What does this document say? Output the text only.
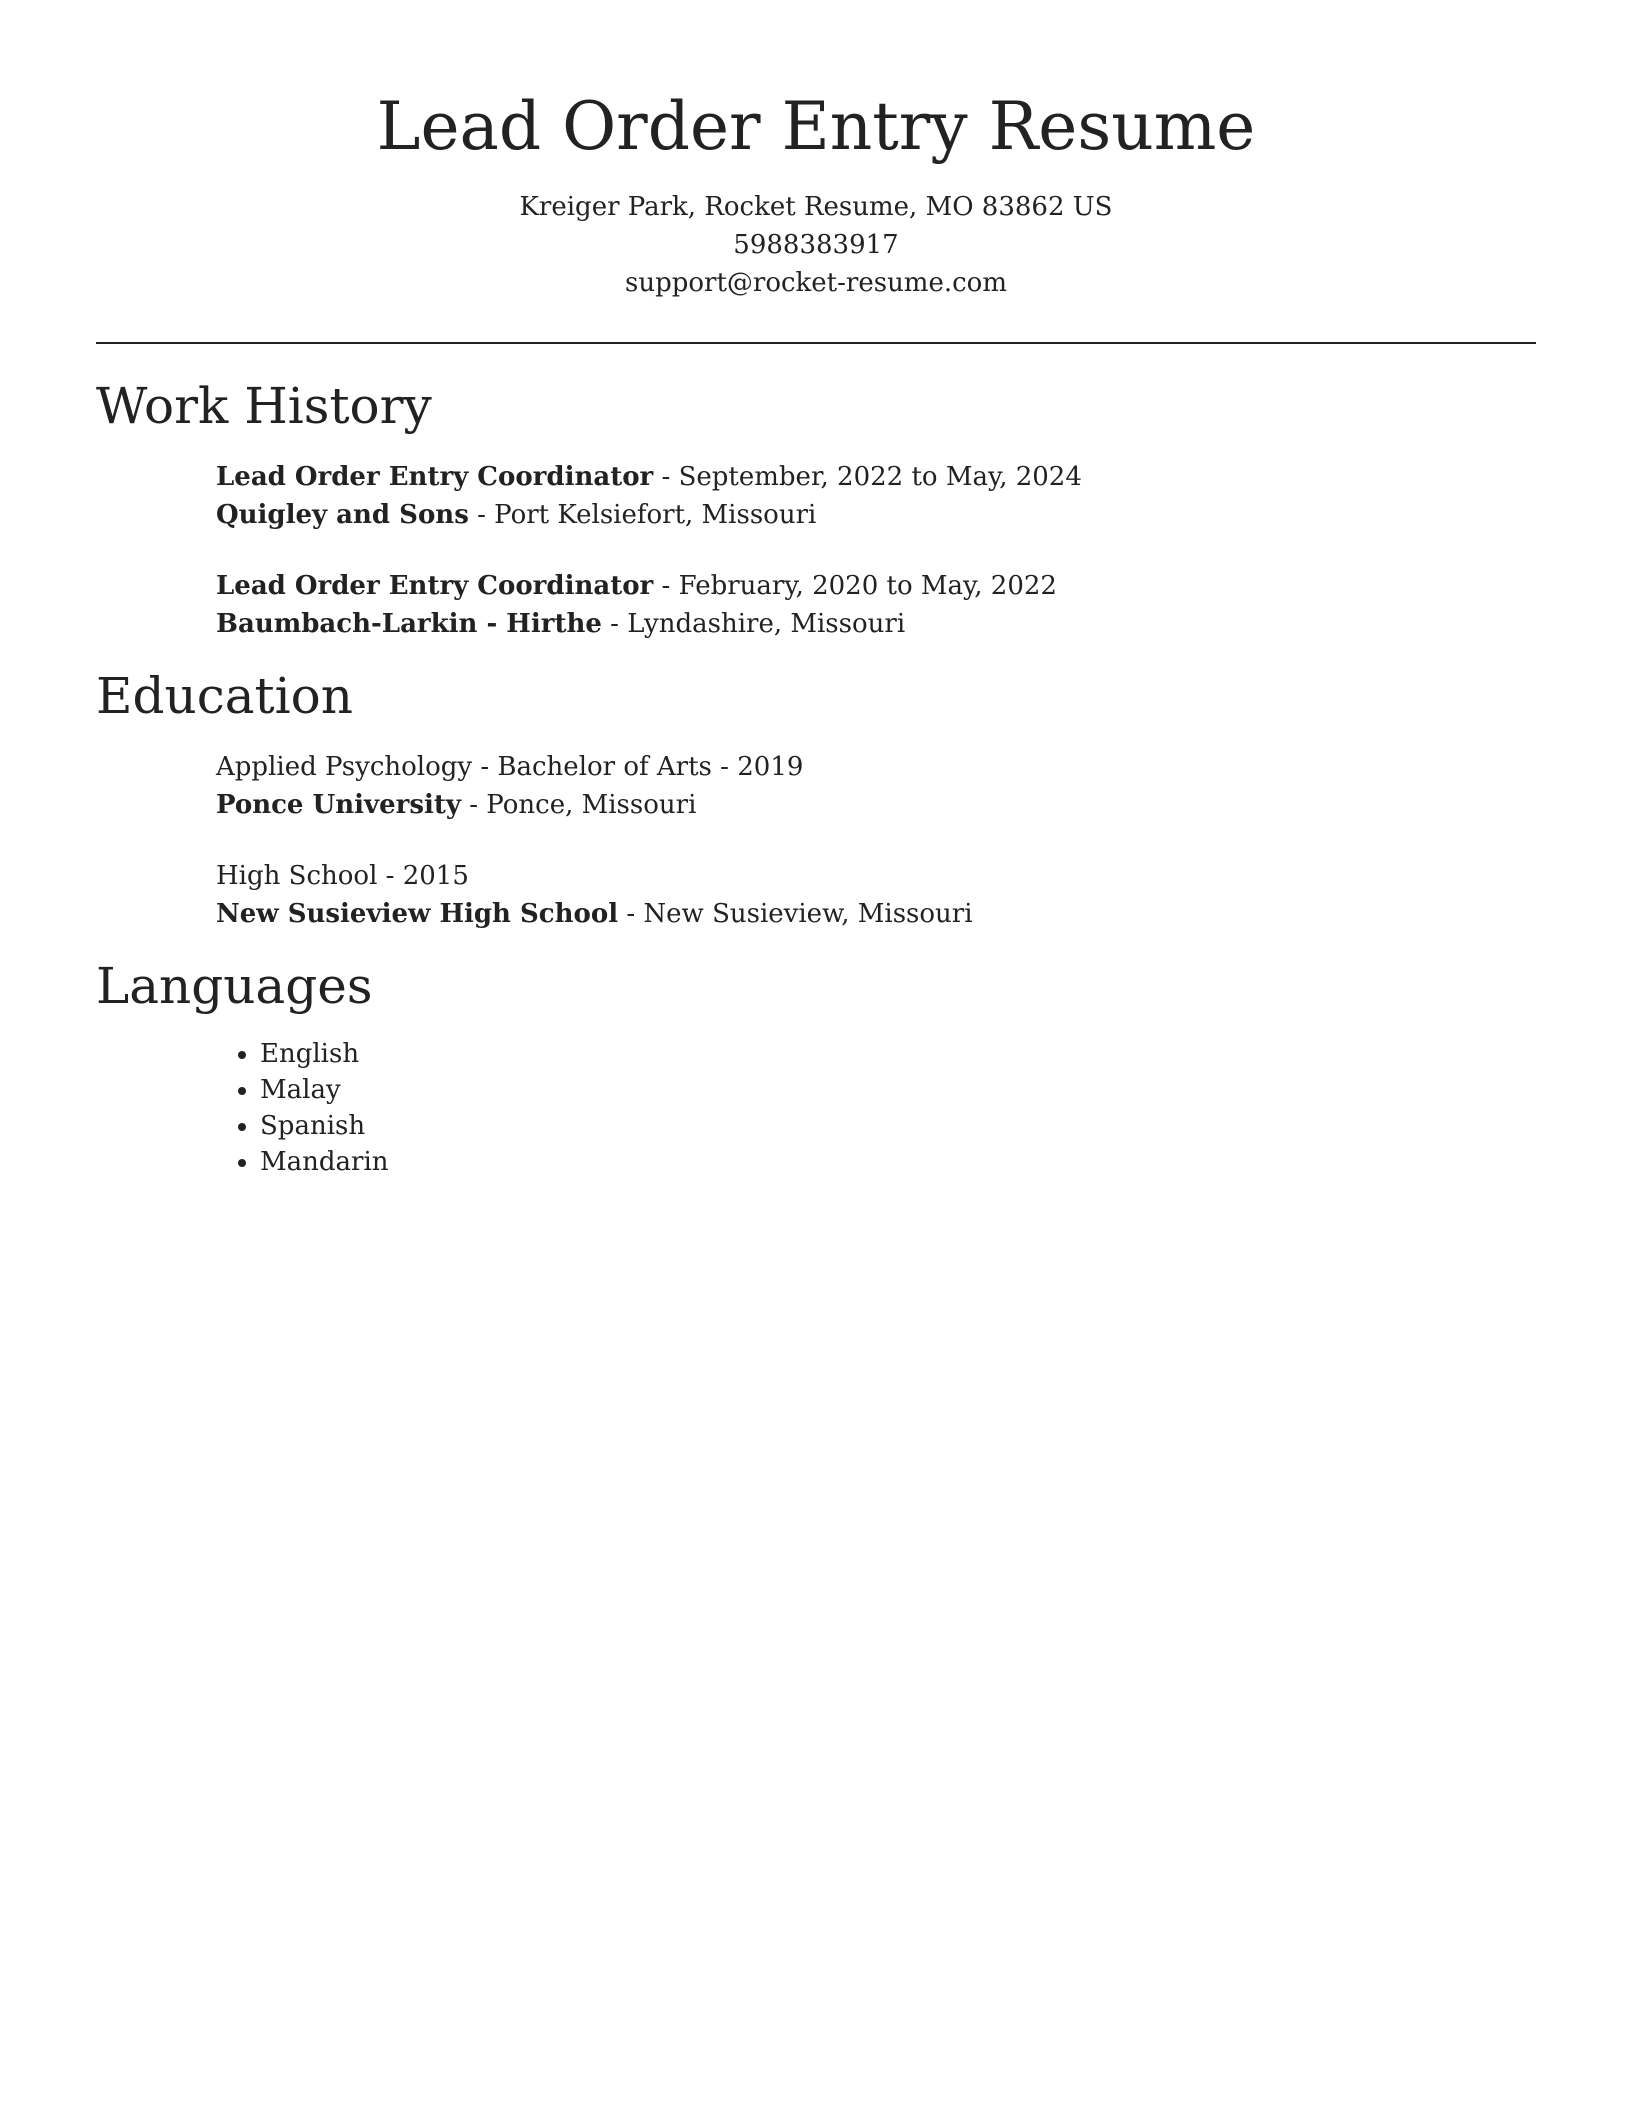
Lead Order Entry Resume
Kreiger Park, Rocket Resume, MO 83862 US
5988383917
support@rocket-resume.com
Work History
Lead Order Entry Coordinator - September, 2022 to May, 2024
Quigley and Sons - Port Kelsiefort, Missouri
Lead Order Entry Coordinator - February, 2020 to May, 2022
Baumbach-Larkin - Hirthe - Lyndashire, Missouri
Education
Applied Psychology - Bachelor of Arts - 2019
Ponce University - Ponce, Missouri
High School - 2015
New Susieview High School - New Susieview, Missouri
Languages
• English
• Malay
• Spanish
• Mandarin
